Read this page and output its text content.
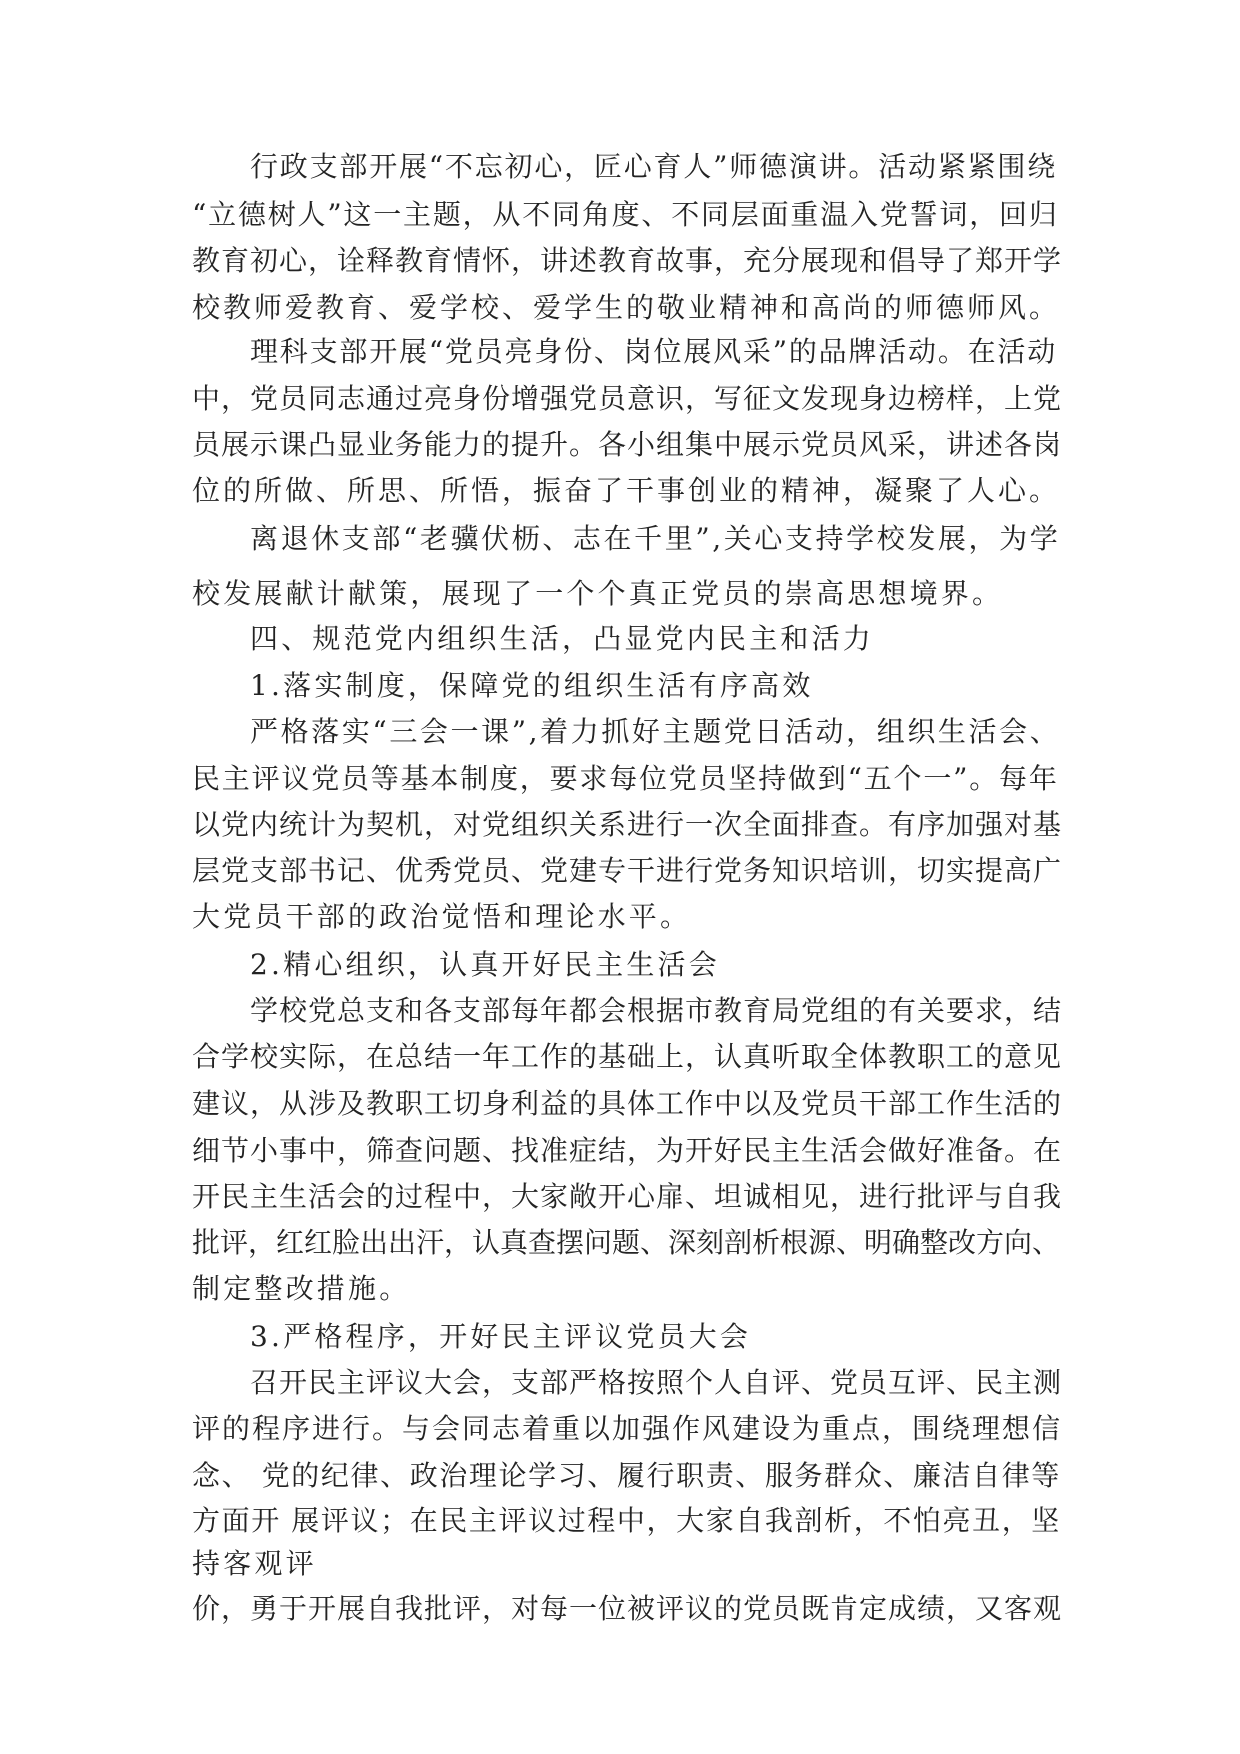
行政支部开展“不忘初心，匠心育人”师德演讲。活动紧紧围绕
“立德树人”这一主题，从不同角度、不同层面重温入党誓词，回归
教育初心，诠释教育情怀，讲述教育故事，充分展现和倡导了郑开学
校教师爱教育、爱学校、爱学生的敬业精神和高尚的师德师风。
理科支部开展“党员亮身份、岗位展风采”的品牌活动。在活动
中，党员同志通过亮身份增强党员意识，写征文发现身边榜样，上党
员展示课凸显业务能力的提升。各小组集中展示党员风采，讲述各岗
位的所做、所思、所悟，振奋了干事创业的精神，凝聚了人心。
离退休支部“老骥伏枥、志在千里”,关心支持学校发展，为学
校发展献计献策，展现了一个个真正党员的崇高思想境界。
四、规范党内组织生活，凸显党内民主和活力
1.落实制度，保障党的组织生活有序高效
严格落实“三会一课”,着力抓好主题党日活动，组织生活会、
民主评议党员等基本制度，要求每位党员坚持做到“五个一”。每年
以党内统计为契机，对党组织关系进行一次全面排查。有序加强对基
层党支部书记、优秀党员、党建专干进行党务知识培训，切实提高广
大党员干部的政治觉悟和理论水平。
2.精心组织，认真开好民主生活会
学校党总支和各支部每年都会根据市教育局党组的有关要求，结
合学校实际，在总结一年工作的基础上，认真听取全体教职工的意见
建议，从涉及教职工切身利益的具体工作中以及党员干部工作生活的
细节小事中，筛查问题、找准症结，为开好民主生活会做好准备。在
开民主生活会的过程中，大家敞开心扉、坦诚相见，进行批评与自我
批评，红红脸出出汗，认真查摆问题、深刻剖析根源、明确整改方向、
制定整改措施。
3.严格程序，开好民主评议党员大会
召开民主评议大会，支部严格按照个人自评、党员互评、民主测
评的程序进行。与会同志着重以加强作风建设为重点，围绕理想信
念、 党的纪律、政治理论学习、履行职责、服务群众、廉洁自律等
方面开 展评议；在民主评议过程中，大家自我剖析，不怕亮丑，坚
持客观评
价，勇于开展自我批评，对每一位被评议的党员既肯定成绩，又客观
